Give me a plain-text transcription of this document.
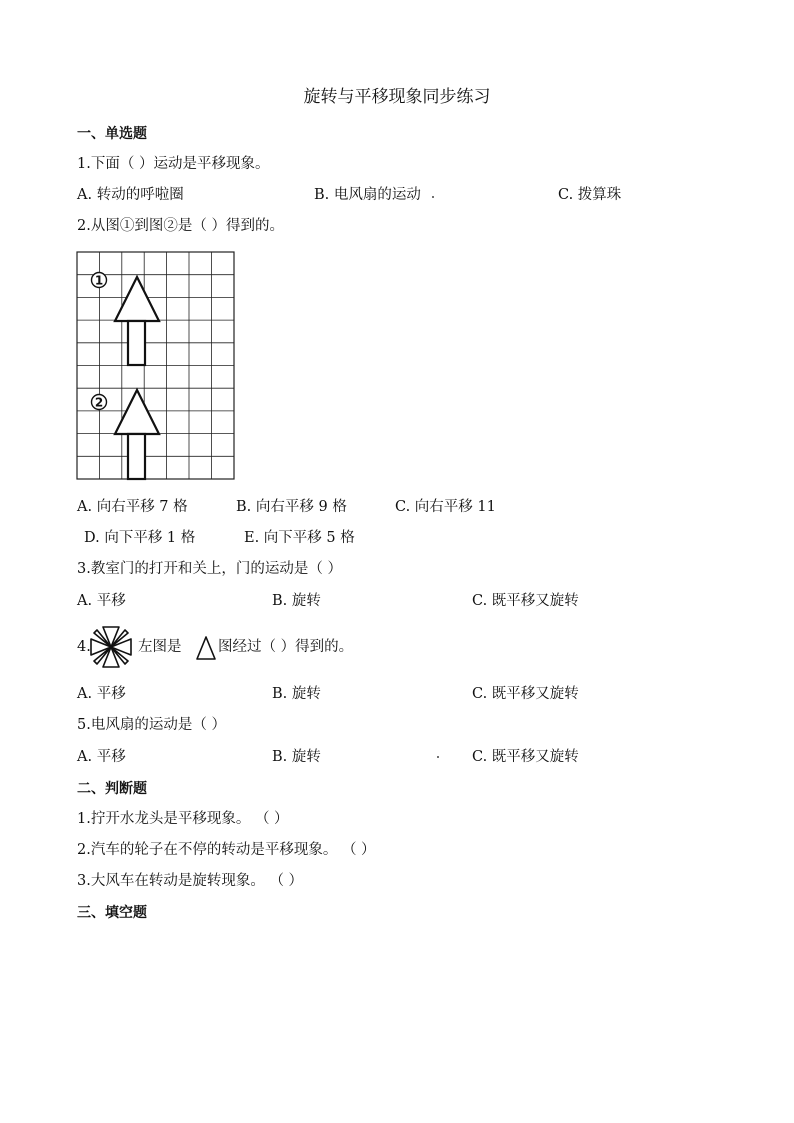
旋转与平移现象同步练习
一、单选题
1.下面（ ）运动是平移现象。
A. 转动的呼啦圈	B. 电风扇的运动	C. 拨算珠
2.从图①到图②是（ ）得到的。
1
2
A. 向右平移 7 格	B. 向右平移 9 格	C. 向右平移 11
D. 向下平移 1 格	E. 向下平移 5 格
3.教室门的打开和关上，门的运动是（ ）
A. 平移	B. 旋转	C. 既平移又旋转
4.	左图是	图经过（ ）得到的。
A. 平移	B. 旋转	C. 既平移又旋转
5.电风扇的运动是（ ）
A. 平移	B. 旋转	C. 既平移又旋转
二、判断题
1.拧开水龙头是平移现象。 （ ）
2.汽车的轮子在不停的转动是平移现象。 （ ）
3.大风车在转动是旋转现象。 （ ）
三、填空题
